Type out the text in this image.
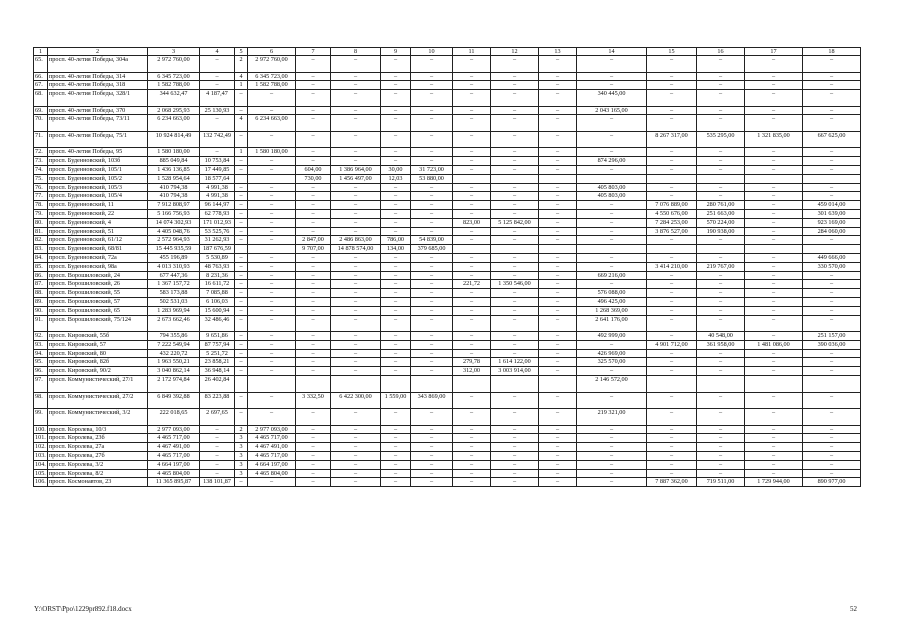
1	2	3	4	5	6	7	8	9	10	11	12	13	14	15	16	17	18
65.	просп. 40-летия Победы, 304а	2 972 760,00	–	2	2 972 760,00	–	–	–	–	–	–	–	–	–	–	–	–
66.	просп. 40-летия Победы, 314	6 345 723,00	–	4	6 345 723,00	–	–	–	–	–	–	–	–	–	–	–	–
67.	просп. 40-летия Победы, 318	1 582 788,00	–	1	1 582 788,00	–	–	–	–	–	–	–	–	–	–	–	–
68.	просп. 40-летия Победы, 328/1	344 632,47	4 187,47	–	–	–	–	–	–	–	–	–	340 445,00	–	–	–	–
69.	просп. 40-летия Победы, 370	2 068 295,93	25 130,93	–	–	–	–	–	–	–	–	–	2 043 165,00	–	–	–	–
70.	просп. 40-летия Победы, 73/11	6 234 663,00	–	4	6 234 663,00	–	–	–	–	–	–	–	–	–	–	–	–
71.	просп. 40-летия Победы, 75/1	10 924 814,49	132 742,49	–	–	–	–	–	–	–	–	–	–	8 267 317,00	535 295,00	1 321 835,00	667 625,00
72.	просп. 40-летия Победы, 95	1 580 180,00	–	1	1 580 180,00	–	–	–	–	–	–	–	–	–	–	–	–
73.	просп. Буденновский, 103б	885 049,84	10 753,84	–	–	–	–	–	–	–	–	–	874 296,00	–	–	–	–
74.	просп. Буденновский, 105/1	1 436 136,85	17 449,85	–	–	604,00	1 386 964,00	30,00	31 723,00	–	–	–	–	–	–	–	–
75.	просп. Буденновский, 105/2	1 528 954,64	18 577,64			730,00	1 456 497,00	12,03	53 880,00								
76.	просп. Буденновский, 105/3	410 794,38	4 991,38	–	–	–	–	–	–	–	–	–	405 803,00	–	–	–	–
77.	просп. Буденновский, 105/4	410 794,38	4 991,38	–	–	–	–	–	–	–	–	–	405 803,00	–	–	–	–
78.	просп. Буденновский, 11	7 912 808,97	96 144,97	–	–	–	–	–	–	–	–	–	–	7 076 889,00	280 761,00	–	459 014,00
79.	просп. Буденновский, 22	5 166 756,93	62 778,93	–	–	–	–	–	–	–	–	–	–	4 550 676,00	251 663,00	–	301 639,00
80.	просп. Буденновский, 4	14 074 302,93	171 012,93	–	–	–	–	–	–	823,00	5 125 842,00	–	–	7 284 253,00	570 224,00	–	923 169,00
81.	просп. Буденновский, 51	4 405 048,76	53 525,76	–	–	–	–	–	–	–	–	–	–	3 876 527,00	190 938,00	–	284 060,00
82.	просп. Буденновский, 61/12	2 572 964,93	31 262,93	–	–	2 847,00	2 486 863,00	786,00	54 839,00	–	–	–	–	–	–	–	–
83.	просп. Буденновский, 68/81	15 445 935,59	187 676,59			9 707,00	14 878 574,00	134,00	379 685,00								
84.	просп. Буденновский, 72а	455 196,89	5 530,89	–	–	–	–	–	–	–	–	–	–	–	–	–	449 666,00
85.	просп. Буденновский, 98а	4 013 310,93	48 763,93	–	–	–	–	–	–	–	–	–	–	3 414 210,00	219 767,00	–	330 570,00
86.	просп. Ворошиловский, 24	677 447,36	8 231,36	–	–	–	–	–	–	–	–	–	669 216,00	–	–	–	–
87.	просп. Ворошиловский, 26	1 367 157,72	16 611,72	–	–	–	–	–	–	221,72	1 350 546,00	–	–	–	–	–	–
88.	просп. Ворошиловский, 55	583 173,88	7 085,88	–	–	–	–	–	–	–	–	–	576 088,00	–	–	–	–
89.	просп. Ворошиловский, 57	502 531,03	6 106,03	–	–	–	–	–	–	–	–	–	496 425,00	–	–	–	–
90.	просп. Ворошиловский, 65	1 283 969,94	15 600,94	–	–	–	–	–	–	–	–	–	1 268 369,00	–	–	–	–
91.	просп. Ворошиловский, 75/124	2 673 662,46	32 486,46	–	–	–	–	–	–	–	–	–	2 641 176,00	–	–	–	–
92.	просп. Кировский, 55б	794 355,86	9 651,86	–	–	–	–	–	–	–	–	–	492 999,00	–	40 548,00	–	251 157,00
93.	просп. Кировский, 57	7 222 549,94	87 757,94	–	–	–	–	–	–	–	–	–	–	4 901 712,00	361 958,00	1 481 086,00	390 036,00
94.	просп. Кировский, 80	432 220,72	5 251,72	–	–	–	–	–	–	–	–	–	426 969,00	–	–	–	–
95.	просп. Кировский, 82б	1 963 550,21	23 858,21	–	–	–	–	–	–	279,78	1 614 122,00	–	325 570,00	–	–	–	–
96.	просп. Кировский, 90/2	3 040 862,14	36 948,14	–	–	–	–	–	–	312,00	3 003 914,00	–	–	–	–	–	–
97.	просп. Коммунистический, 27/1	2 172 974,84	26 402,84										2 146 572,00				
98.	просп. Коммунистический, 27/2	6 849 392,88	83 223,88	–	–	3 332,50	6 422 300,00	1 559,00	343 869,00	–	–	–	–	–	–	–	–
99.	просп. Коммунистический, 3/2	222 018,65	2 697,65	–	–	–	–	–	–	–	–	–	219 321,00	–	–	–	–
100.	просп. Королева, 10/3	2 977 093,00	–	2	2 977 093,00	–	–	–	–	–	–	–	–	–	–	–	–
101.	просп. Королева, 23б	4 465 717,00	–	3	4 465 717,00	–	–	–	–	–	–	–	–	–	–	–	–
102.	просп. Королева, 27а	4 467 491,00	–	3	4 467 491,00	–	–	–	–	–	–	–	–	–	–	–	–
103.	просп. Королева, 27б	4 465 717,00	–	3	4 465 717,00	–	–	–	–	–	–	–	–	–	–	–	–
104.	просп. Королева, 3/2	4 664 197,00	–	3	4 664 197,00	–	–	–	–	–	–	–	–	–	–	–	–
105.	просп. Королева, 8/2	4 465 804,00	–	3	4 465 804,00	–	–	–	–	–	–	–	–	–	–	–	–
106.	просп. Космонавтов, 23	11 365 895,87	138 101,87	–	–	–	–	–	–	–	–	–	–	7 887 362,00	719 511,00	1 729 944,00	890 977,00
Y:\ORST\Ppo\1229pr892.f18.docx	52
